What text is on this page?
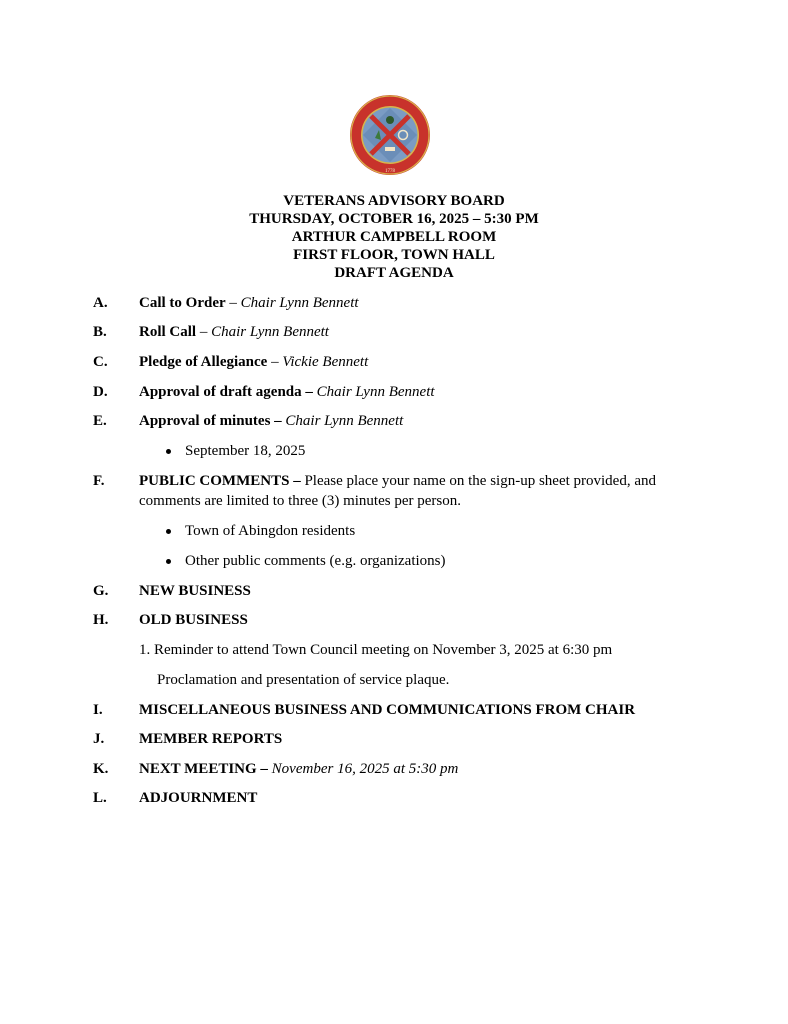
1778
VETERANS ADVISORY BOARD
THURSDAY, OCTOBER 16, 2025 – 5:30 PM
ARTHUR CAMPBELL ROOM
FIRST FLOOR, TOWN HALL
DRAFT AGENDA
A. Call to Order – Chair Lynn Bennett
B. Roll Call – Chair Lynn Bennett
C. Pledge of Allegiance – Vickie Bennett
D. Approval of draft agenda – Chair Lynn Bennett
E. Approval of minutes – Chair Lynn Bennett
September 18, 2025
F. PUBLIC COMMENTS – Please place your name on the sign-up sheet provided, and comments are limited to three (3) minutes per person.
Town of Abingdon residents
Other public comments (e.g. organizations)
G. NEW BUSINESS
H. OLD BUSINESS
1. Reminder to attend Town Council meeting on November 3, 2025 at 6:30 pm
Proclamation and presentation of service plaque.
I. MISCELLANEOUS BUSINESS AND COMMUNICATIONS FROM CHAIR
J. MEMBER REPORTS
K. NEXT MEETING – November 16, 2025 at 5:30 pm
L. ADJOURNMENT
